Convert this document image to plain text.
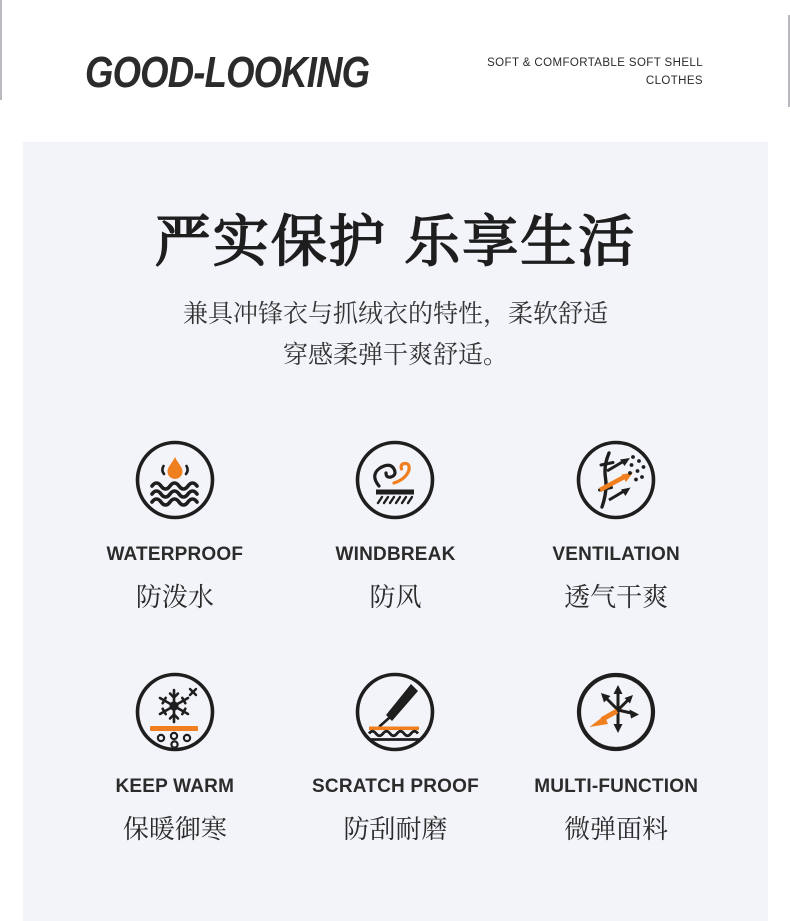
GOOD-LOOKING	SOFT & COMFORTABLE SOFT SHELL
CLOTHES
严实保护 乐享生活
兼具冲锋衣与抓绒衣的特性，柔软舒适
穿感柔弹干爽舒适。
WATERPROOF
防泼水
WINDBREAK
防风
VENTILATION
透气干爽
KEEP WARM
保暖御寒
SCRATCH PROOF
防刮耐磨
MULTI-FUNCTION
微弹面料
